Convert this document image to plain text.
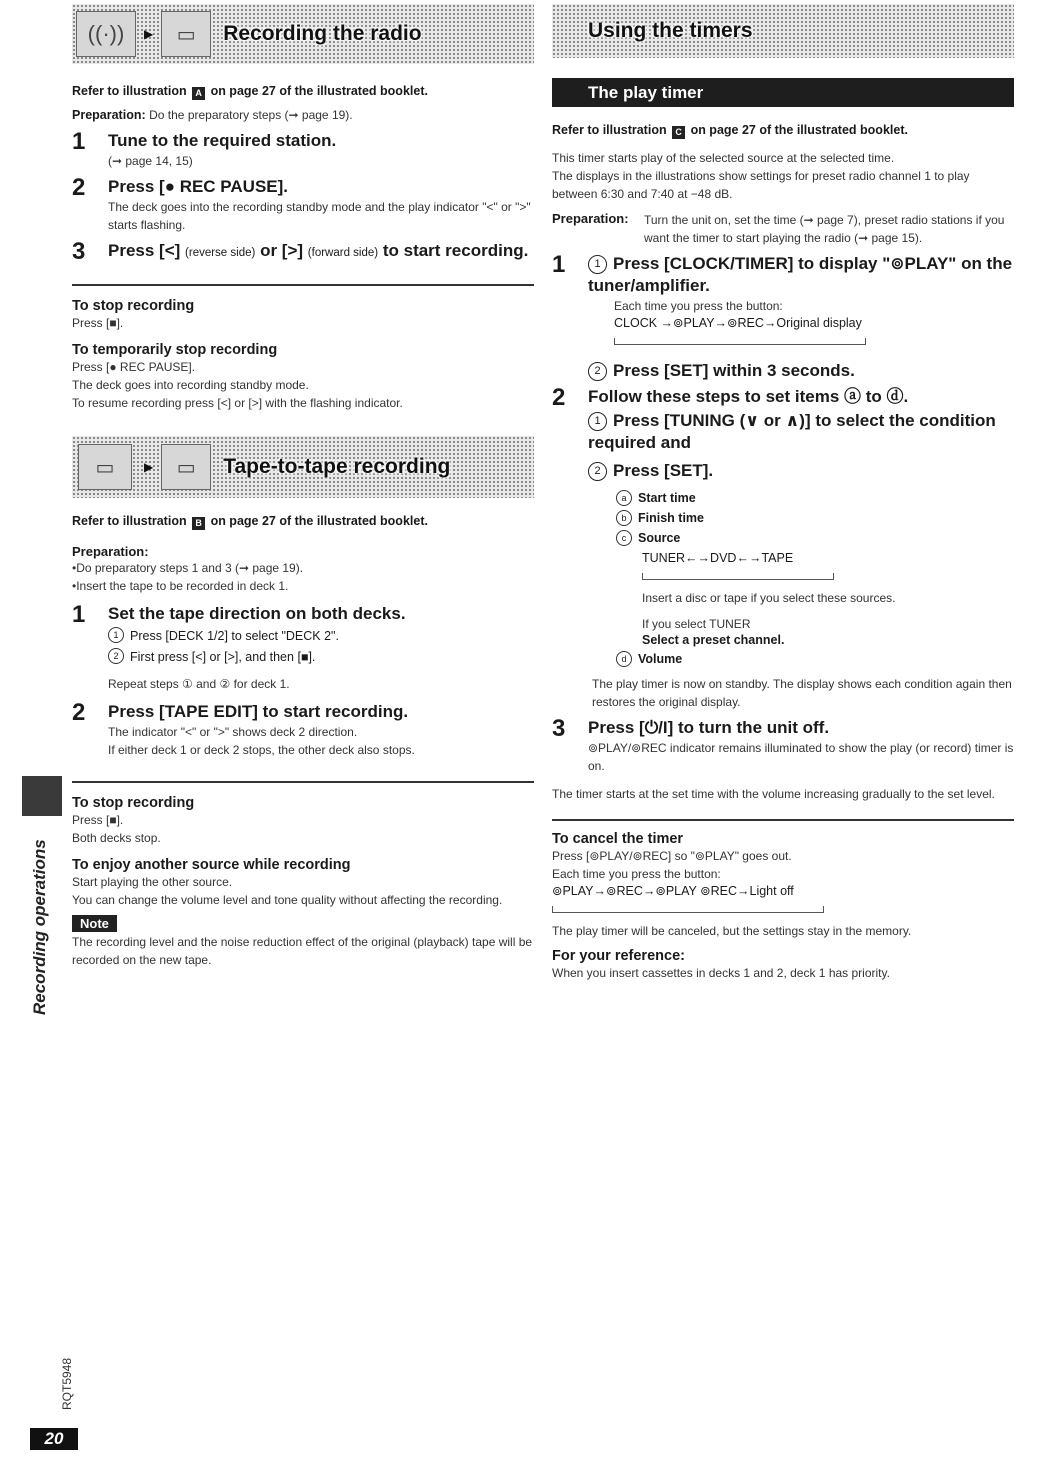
((·))	▶	▭	Recording the radio
Refer to illustration A on page 27 of the illustrated booklet.
Preparation: Do the preparatory steps (➞ page 19).
1	Tune to the required station.
(➞ page 14, 15)
2	Press [● REC PAUSE].
The deck goes into the recording standby mode and the play indicator "<" or ">" starts flashing.
3	Press [<] (reverse side) or [>] (forward side) to start recording.
To stop recording
Press [■].
To temporarily stop recording
Press [● REC PAUSE].
The deck goes into recording standby mode.
To resume recording press [<] or [>] with the flashing indicator.
▭	▶	▭	Tape-to-tape recording
Refer to illustration B on page 27 of the illustrated booklet.
Preparation:
•Do preparatory steps 1 and 3 (➞ page 19).
•Insert the tape to be recorded in deck 1.
1	Set the tape direction on both decks.
1 Press [DECK 1/2] to select "DECK 2".
2 First press [<] or [>], and then [■].
Repeat steps ① and ② for deck 1.
2	Press [TAPE EDIT] to start recording.
The indicator "<" or ">" shows deck 2 direction.
If either deck 1 or deck 2 stops, the other deck also stops.
To stop recording
Press [■].
Both decks stop.
To enjoy another source while recording
Start playing the other source.
You can change the volume level and tone quality without affecting the recording.
Note
The recording level and the noise reduction effect of the original (playback) tape will be recorded on the new tape.
Using the timers
The play timer
Refer to illustration C on page 27 of the illustrated booklet.
This timer starts play of the selected source at the selected time.
The displays in the illustrations show settings for preset radio channel 1 to play between 6:30 and 7:40 at −48 dB.
Preparation:	Turn the unit on, set the time (➞ page 7), preset radio stations if you want the timer to start playing the radio (➞ page 15).
1	1 Press [CLOCK/TIMER] to display "⊚PLAY" on the tuner/amplifier.
Each time you press the button:
CLOCK →⊚PLAY→⊚REC→Original display
2 Press [SET] within 3 seconds.
2	Follow these steps to set items ⓐ to ⓓ.
1 Press [TUNING (∨ or ∧)] to select the condition required and
2 Press [SET].
a Start time
b Finish time
c Source
TUNER←→DVD←→TAPE
Insert a disc or tape if you select these sources.
If you select TUNER
Select a preset channel.
d Volume
The play timer is now on standby. The display shows each condition again then restores the original display.
3	Press [⏻/I] to turn the unit off.
⊚PLAY/⊚REC indicator remains illuminated to show the play (or record) timer is on.
The timer starts at the set time with the volume increasing gradually to the set level.
To cancel the timer
Press [⊚PLAY/⊚REC] so "⊚PLAY" goes out.
Each time you press the button:
⊚PLAY→⊚REC→⊚PLAY ⊚REC→Light off
The play timer will be canceled, but the settings stay in the memory.
For your reference:
When you insert cassettes in decks 1 and 2, deck 1 has priority.
Recording operations
RQT5948
20
